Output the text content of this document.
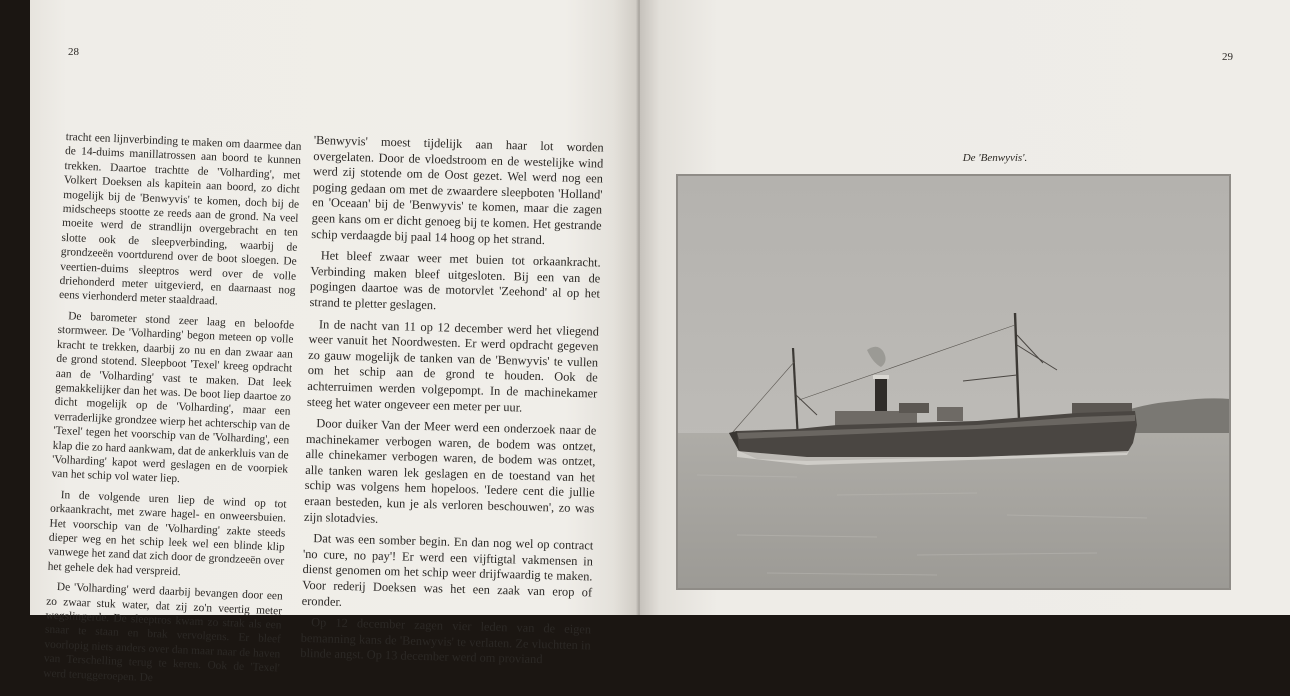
28

tracht een lijnverbinding te maken om daarmee dan de 14-duims manillatrossen aan boord te kunnen trekken. Daartoe trachtte de 'Volharding', met Volkert Doeksen als kapitein aan boord, zo dicht mogelijk bij de 'Benwyvis' te komen, doch bij de midscheeps stootte ze reeds aan de grond. Na veel moeite werd de strandlijn overgebracht en ten slotte ook de sleepverbinding, waarbij de grondzeeën voortdurend over de boot sloegen. De veertien-duims sleeptros werd over de volle driehonderd meter uitgevierd, en daarnaast nog eens vierhonderd meter staaldraad.

De barometer stond zeer laag en beloofde stormweer. De 'Volharding' begon meteen op volle kracht te trekken, daarbij zo nu en dan zwaar aan de grond stotend. Sleepboot 'Texel' kreeg opdracht aan de 'Volharding' vast te maken. Dat leek gemakkelijker dan het was. De boot liep daartoe zo dicht mogelijk op de 'Volharding', maar een verraderlijke grondzee wierp het achterschip van de 'Texel' tegen het voorschip van de 'Volharding', een klap die zo hard aankwam, dat de ankerkluis van de 'Volharding' kapot werd geslagen en de voorpiek van het schip vol water liep.

In de volgende uren liep de wind op tot orkaankracht, met zware hagel- en onweersbuien. Het voorschip van de 'Volharding' zakte steeds dieper weg en het schip leek wel een blinde klip vanwege het zand dat zich door de grondzeeën over het gehele dek had verspreid.

De 'Volharding' werd daarbij bevangen door een zo zwaar stuk water, dat zij zo'n veertig meter wegslingerde. De sleeptros kwam zo strak als een snaar te staan en brak vervolgens. Er bleef voorlopig niets anders over dan maar naar de haven van Terschelling terug te keren. Ook de 'Texel' werd teruggeroepen. De

'Benwyvis' moest tijdelijk aan haar lot worden overgelaten. Door de vloedstroom en de westelijke wind werd zij stotende om de Oost gezet. Wel werd nog een poging gedaan om met de zwaardere sleepboten 'Holland' en 'Oceaan' bij de 'Benwyvis' te komen, maar die zagen geen kans om er dicht genoeg bij te komen. Het gestrande schip verdaagde bij paal 14 hoog op het strand.

Het bleef zwaar weer met buien tot orkaankracht. Verbinding maken bleef uitgesloten. Bij een van de pogingen daartoe was de motorvlet 'Zeehond' al op het strand te pletter geslagen.

In de nacht van 11 op 12 december werd het vliegend weer vanuit het Noordwesten. Er werd opdracht gegeven zo gauw mogelijk de tanken van de 'Benwyvis' te vullen om het schip aan de grond te houden. Ook de achterruimen werden volgepompt. In de machinekamer steeg het water ongeveer een meter per uur.

Door duiker Van der Meer werd een onderzoek naar de machinekamer verbogen waren, de bodem was ontzet, alle chinekamer verbogen waren, de bodem was ontzet, alle tanken waren lek geslagen en de toestand van het schip was volgens hem hopeloos. 'Iedere cent die jullie eraan besteden, kun je als verloren beschouwen', zo was zijn slotadvies.

Dat was een somber begin. En dan nog wel op contract 'no cure, no pay'! Er werd een vijftigtal vakmensen in dienst genomen om het schip weer drijfwaardig te maken. Voor rederij Doeksen was het een zaak van erop of eronder.

Op 12 december zagen vier leden van de eigen bemanning kans de 'Benwyvis' te verlaten. Ze vluchtten in blinde angst. Op 13 december werd om proviand

29
De 'Benwyvis'.
